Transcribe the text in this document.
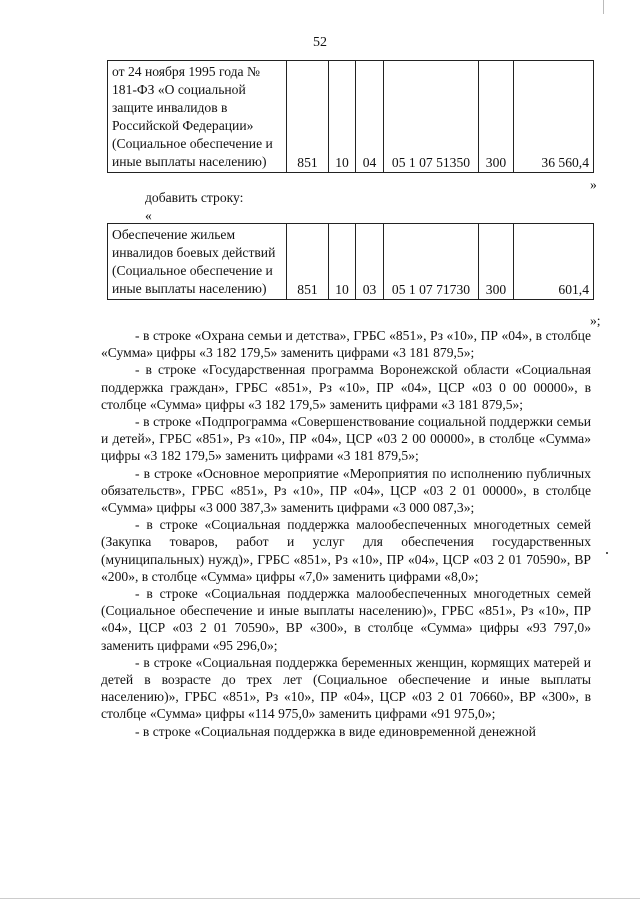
52
от 24 ноября 1995 года № 181-ФЗ «О социальной защите инвалидов в Российской Федерации» (Социальное обеспечение и иные выплаты населению)	851	10	04	05 1 07 51350	300	36 560,4
»
добавить строку:
«
Обеспечение жильем инвалидов боевых действий (Социальное обеспечение и иные выплаты населению)	851	10	03	05 1 07 71730	300	601,4
»;
- в строке «Охрана семьи и детства», ГРБС «851», Рз «10», ПР «04», в столбце «Сумма» цифры «3 182 179,5» заменить цифрами «3 181 879,5»;
- в строке «Государственная программа Воронежской области «Социальная поддержка граждан», ГРБС «851», Рз «10», ПР «04», ЦСР «03 0 00 00000», в столбце «Сумма» цифры «3 182 179,5» заменить цифрами «3 181 879,5»;
- в строке «Подпрограмма «Совершенствование социальной поддержки семьи и детей», ГРБС «851», Рз «10», ПР «04», ЦСР «03 2 00 00000», в столбце «Сумма» цифры «3 182 179,5» заменить цифрами «3 181 879,5»;
- в строке «Основное мероприятие «Мероприятия по исполнению публичных обязательств», ГРБС «851», Рз «10», ПР «04», ЦСР «03 2 01 00000», в столбце «Сумма» цифры «3 000 387,3» заменить цифрами «3 000 087,3»;
- в строке «Социальная поддержка малообеспеченных многодетных семей (Закупка товаров, работ и услуг для обеспечения государственных (муниципальных) нужд)», ГРБС «851», Рз «10», ПР «04», ЦСР «03 2 01 70590», ВР «200», в столбце «Сумма» цифры «7,0» заменить цифрами «8,0»;
- в строке «Социальная поддержка малообеспеченных многодетных семей (Социальное обеспечение и иные выплаты населению)», ГРБС «851», Рз «10», ПР «04», ЦСР «03 2 01 70590», ВР «300», в столбце «Сумма» цифры «93 797,0» заменить цифрами «95 296,0»;
- в строке «Социальная поддержка беременных женщин, кормящих матерей и детей в возрасте до трех лет (Социальное обеспечение и иные выплаты населению)», ГРБС «851», Рз «10», ПР «04», ЦСР «03 2 01 70660», ВР «300», в столбце «Сумма» цифры «114 975,0» заменить цифрами «91 975,0»;
- в строке «Социальная поддержка в виде единовременной денежной
